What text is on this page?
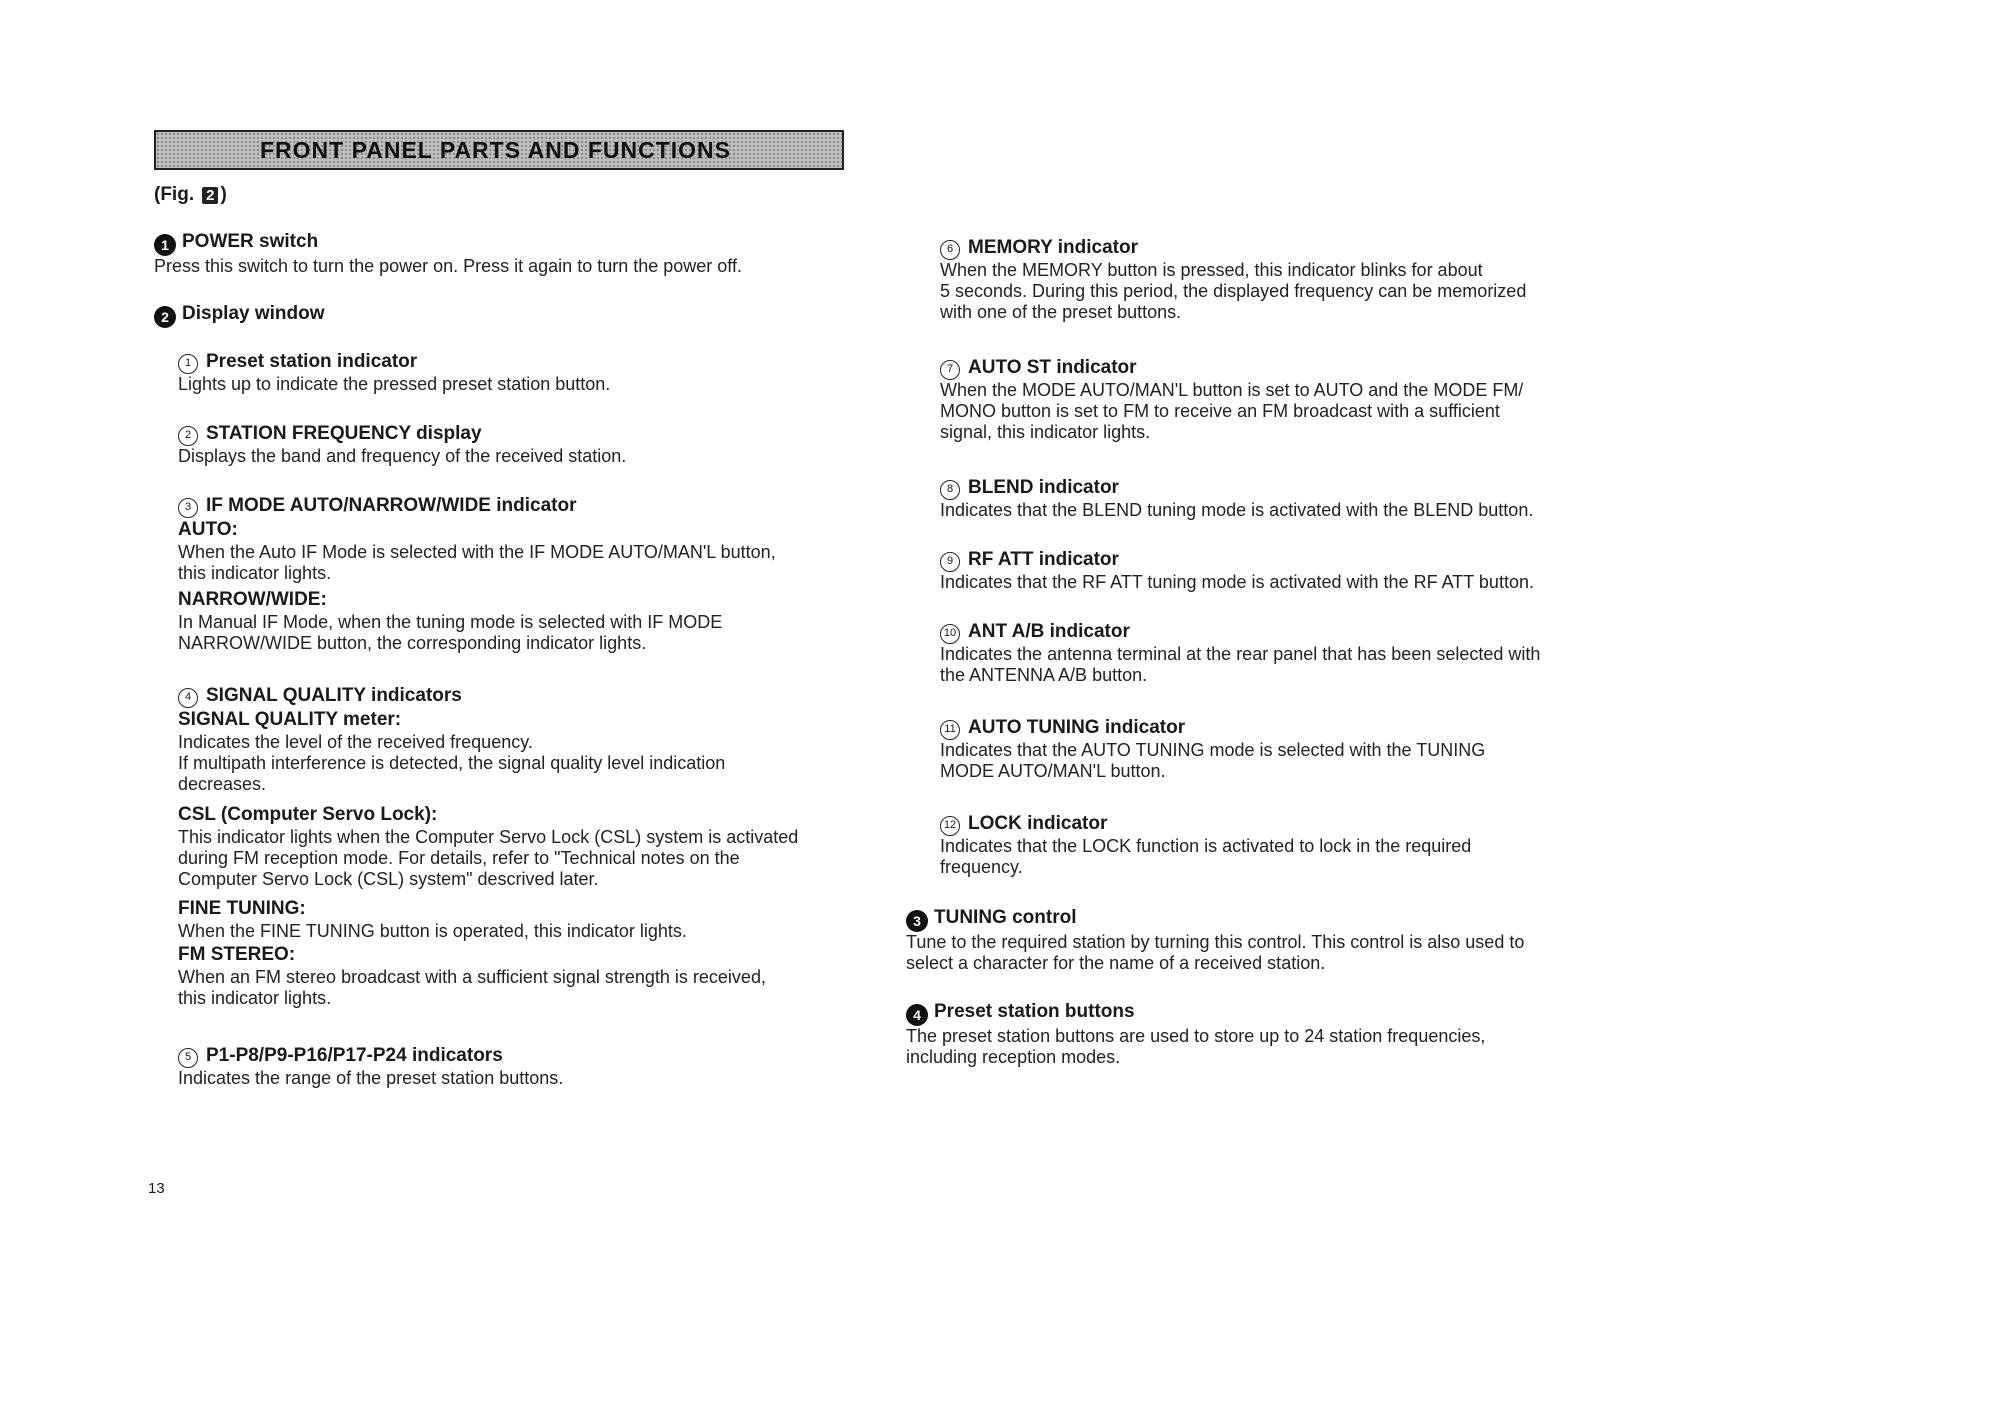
FRONT PANEL PARTS AND FUNCTIONS
(Fig. 2 )
1 POWER switch
Press this switch to turn the power on. Press it again to turn the power off.
2 Display window
1 Preset station indicator
Lights up to indicate the pressed preset station button.
2 STATION FREQUENCY display
Displays the band and frequency of the received station.
3 IF MODE AUTO/NARROW/WIDE indicator
AUTO:
When the Auto IF Mode is selected with the IF MODE AUTO/MAN'L button,
this indicator lights.
NARROW/WIDE:
In Manual IF Mode, when the tuning mode is selected with IF MODE
NARROW/WIDE button, the corresponding indicator lights.
4 SIGNAL QUALITY indicators
SIGNAL QUALITY meter:
Indicates the level of the received frequency.
If multipath interference is detected, the signal quality level indication
decreases.
CSL (Computer Servo Lock):
This indicator lights when the Computer Servo Lock (CSL) system is activated
during FM reception mode. For details, refer to "Technical notes on the
Computer Servo Lock (CSL) system" descrived later.
FINE TUNING:
When the FINE TUNING button is operated, this indicator lights.
FM STEREO:
When an FM stereo broadcast with a sufficient signal strength is received,
this indicator lights.
5 P1-P8/P9-P16/P17-P24 indicators
Indicates the range of the preset station buttons.
6 MEMORY indicator
When the MEMORY button is pressed, this indicator blinks for about
5 seconds. During this period, the displayed frequency can be memorized
with one of the preset buttons.
7 AUTO ST indicator
When the MODE AUTO/MAN'L button is set to AUTO and the MODE FM/
MONO button is set to FM to receive an FM broadcast with a sufficient
signal, this indicator lights.
8 BLEND indicator
Indicates that the BLEND tuning mode is activated with the BLEND button.
9 RF ATT indicator
Indicates that the RF ATT tuning mode is activated with the RF ATT button.
10 ANT A/B indicator
Indicates the antenna terminal at the rear panel that has been selected with
the ANTENNA A/B button.
11 AUTO TUNING indicator
Indicates that the AUTO TUNING mode is selected with the TUNING
MODE AUTO/MAN'L button.
12 LOCK indicator
Indicates that the LOCK function is activated to lock in the required
frequency.
3 TUNING control
Tune to the required station by turning this control. This control is also used to
select a character for the name of a received station.
4 Preset station buttons
The preset station buttons are used to store up to 24 station frequencies,
including reception modes.
13
